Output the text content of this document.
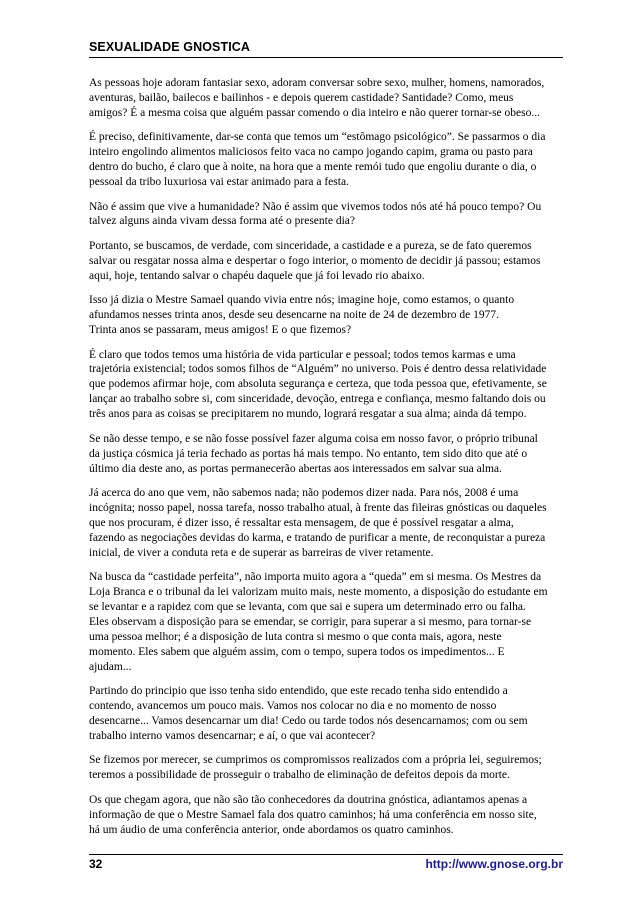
SEXUALIDADE GNOSTICA

As pessoas hoje adoram fantasiar sexo, adoram conversar sobre sexo, mulher, homens, namorados,
aventuras, bailão, bailecos e bailinhos - e depois querem castidade? Santidade? Como, meus
amigos? É a mesma coisa que alguém passar comendo o dia inteiro e não querer tornar-se obeso...

É preciso, definitivamente, dar-se conta que temos um “estômago psicológico”. Se passarmos o dia
inteiro engolindo alimentos maliciosos feito vaca no campo jogando capim, grama ou pasto para
dentro do bucho, é claro que à noite, na hora que a mente remói tudo que engoliu durante o dia, o
pessoal da tribo luxuriosa vai estar animado para a festa.

Não é assim que vive a humanidade? Não é assim que vivemos todos nós até há pouco tempo? Ou
talvez alguns ainda vivam dessa forma até o presente dia?

Portanto, se buscamos, de verdade, com sinceridade, a castidade e a pureza, se de fato queremos
salvar ou resgatar nossa alma e despertar o fogo interior, o momento de decidir já passou; estamos
aqui, hoje, tentando salvar o chapéu daquele que já foi levado rio abaixo.

Isso já dizia o Mestre Samael quando vivia entre nós; imagine hoje, como estamos, o quanto
afundamos nesses trinta anos, desde seu desencarne na noite de 24 de dezembro de 1977.
Trinta anos se passaram, meus amigos! E o que fizemos?

É claro que todos temos uma história de vida particular e pessoal; todos temos karmas e uma
trajetória existencial; todos somos filhos de “Alguém” no universo. Pois é dentro dessa relatividade
que podemos afirmar hoje, com absoluta segurança e certeza, que toda pessoa que, efetivamente, se
lançar ao trabalho sobre si, com sinceridade, devoção, entrega e confiança, mesmo faltando dois ou
três anos para as coisas se precipitarem no mundo, logrará resgatar a sua alma; ainda dá tempo.

Se não desse tempo, e se não fosse possível fazer alguma coisa em nosso favor, o próprio tribunal
da justiça cósmica já teria fechado as portas há mais tempo. No entanto, tem sido dito que até o
último dia deste ano, as portas permanecerão abertas aos interessados em salvar sua alma.

Já acerca do ano que vem, não sabemos nada; não podemos dizer nada. Para nós, 2008 é uma
incógnita; nosso papel, nossa tarefa, nosso trabalho atual, à frente das fileiras gnósticas ou daqueles
que nos procuram, é dizer isso, é ressaltar esta mensagem, de que é possível resgatar a alma,
fazendo as negociações devidas do karma, e tratando de purificar a mente, de reconquistar a pureza
inicial, de viver a conduta reta e de superar as barreiras de viver retamente.

Na busca da “castidade perfeita”, não importa muito agora a “queda” em si mesma. Os Mestres da
Loja Branca e o tribunal da lei valorizam muito mais, neste momento, a disposição do estudante em
se levantar e a rapidez com que se levanta, com que sai e supera um determinado erro ou falha.
Eles observam a disposição para se emendar, se corrigir, para superar a si mesmo, para tornar-se
uma pessoa melhor; é a disposição de luta contra si mesmo o que conta mais, agora, neste
momento. Eles sabem que alguém assim, com o tempo, supera todos os impedimentos... E
ajudam...

Partindo do principio que isso tenha sido entendido, que este recado tenha sido entendido a
contendo, avancemos um pouco mais. Vamos nos colocar no dia e no momento de nosso
desencarne... Vamos desencarnar um dia! Cedo ou tarde todos nós desencarnamos; com ou sem
trabalho interno vamos desencarnar; e aí, o que vai acontecer?

Se fizemos por merecer, se cumprimos os compromissos realizados com a própria lei, seguiremos;
teremos a possibilidade de prosseguir o trabalho de eliminação de defeitos depois da morte.

Os que chegam agora, que não são tão conhecedores da doutrina gnóstica, adiantamos apenas a
informação de que o Mestre Samael fala dos quatro caminhos; há uma conferência em nosso site,
há um áudio de uma conferência anterior, onde abordamos os quatro caminhos.

32	http://www.gnose.org.br
